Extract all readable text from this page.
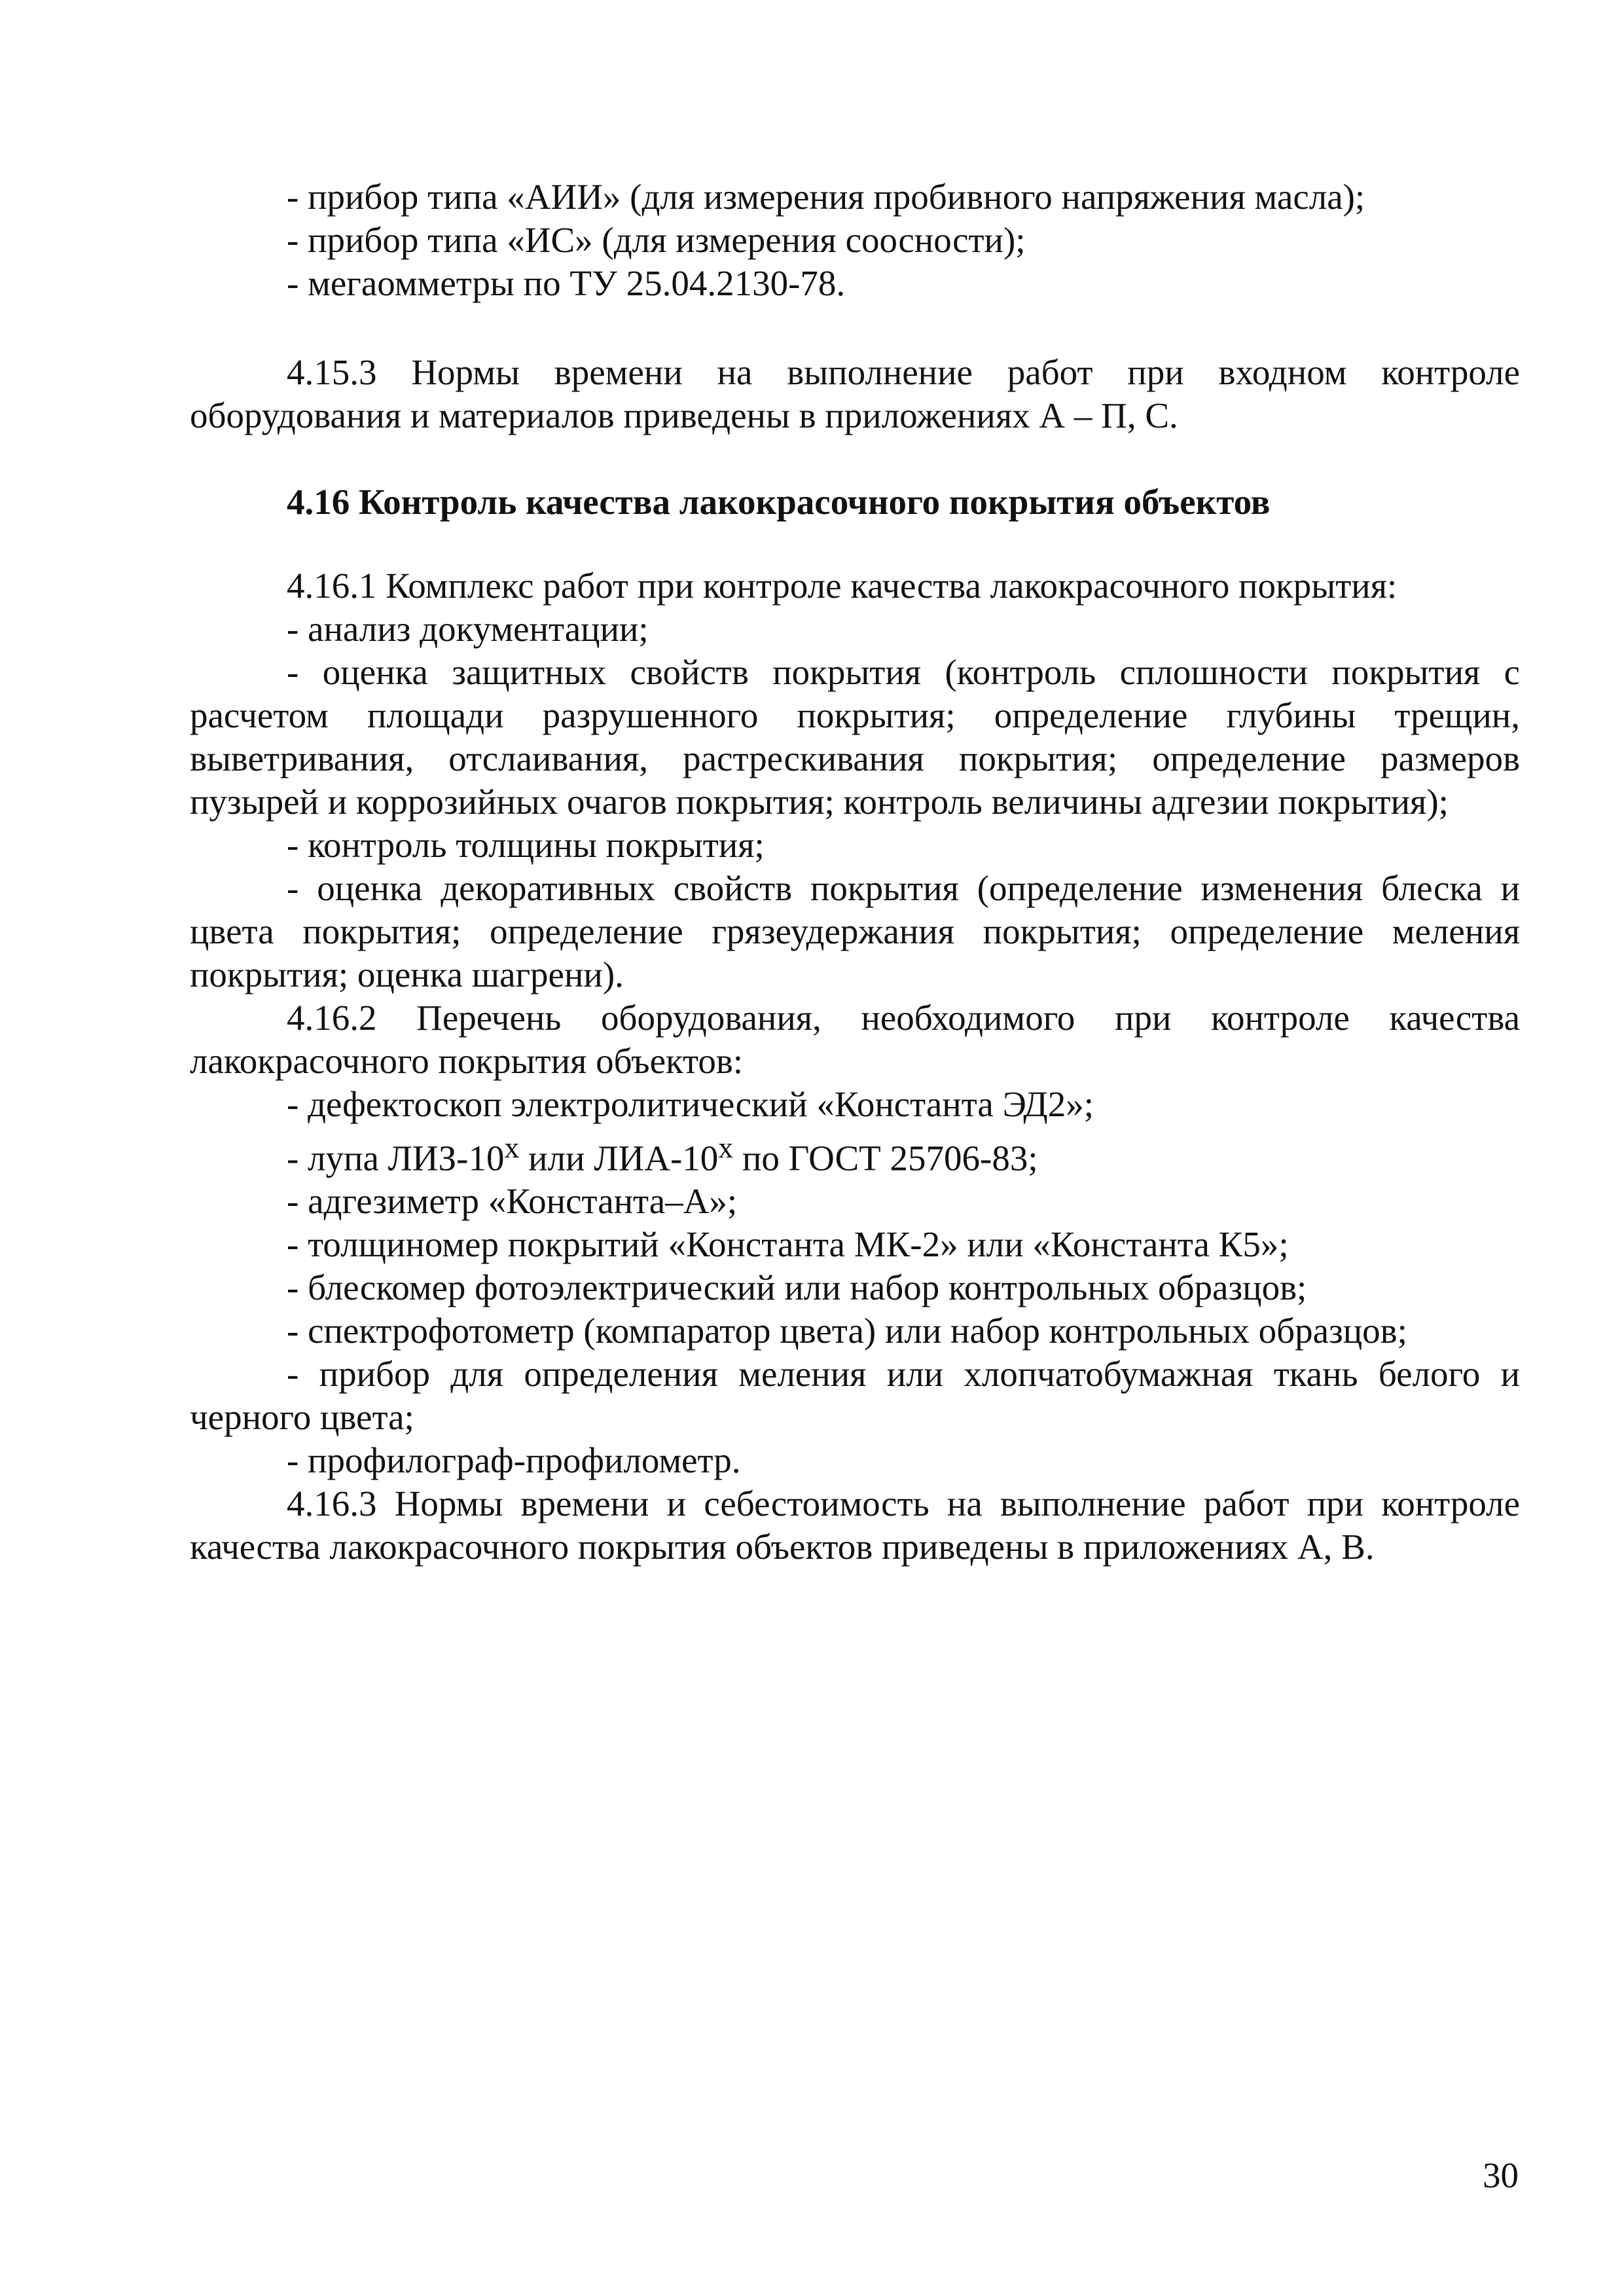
- прибор типа «АИИ» (для измерения пробивного напряжения масла);

- прибор типа «ИС» (для измерения соосности);

- мегаомметры по ТУ 25.04.2130-78.

4.15.3 Нормы времени на выполнение работ при входном контроле оборудования и материалов приведены в приложениях А – П, С.

4.16 Контроль качества лакокрасочного покрытия объектов

4.16.1 Комплекс работ при контроле качества лакокрасочного покрытия:

- анализ документации;

- оценка защитных свойств покрытия (контроль сплошности покрытия с расчетом площади разрушенного покрытия; определение глубины трещин, выветривания, отслаивания, растрескивания покрытия; определение размеров пузырей и коррозийных очагов покрытия; контроль величины адгезии покрытия);

- контроль толщины покрытия;

- оценка декоративных свойств покрытия (определение изменения блеска и цвета покрытия; определение грязеудержания покрытия; определение меления покрытия; оценка шагрени).

4.16.2 Перечень оборудования, необходимого при контроле качества лакокрасочного покрытия объектов:

- дефектоскоп электролитический «Константа ЭД2»;

- лупа ЛИЗ-10$^x$ или ЛИА-10$^x$ по ГОСТ 25706-83;

- адгезиметр «Константа–А»;

- толщиномер покрытий «Константа МК-2» или «Константа К5»;

- блескомер фотоэлектрический или набор контрольных образцов;

- спектрофотометр (компаратор цвета) или набор контрольных образцов;

- прибор для определения меления или хлопчатобумажная ткань белого и черного цвета;

- профилограф-профилометр.

4.16.3 Нормы времени и себестоимость на выполнение работ при контроле качества лакокрасочного покрытия объектов приведены в приложениях А, В.

30
